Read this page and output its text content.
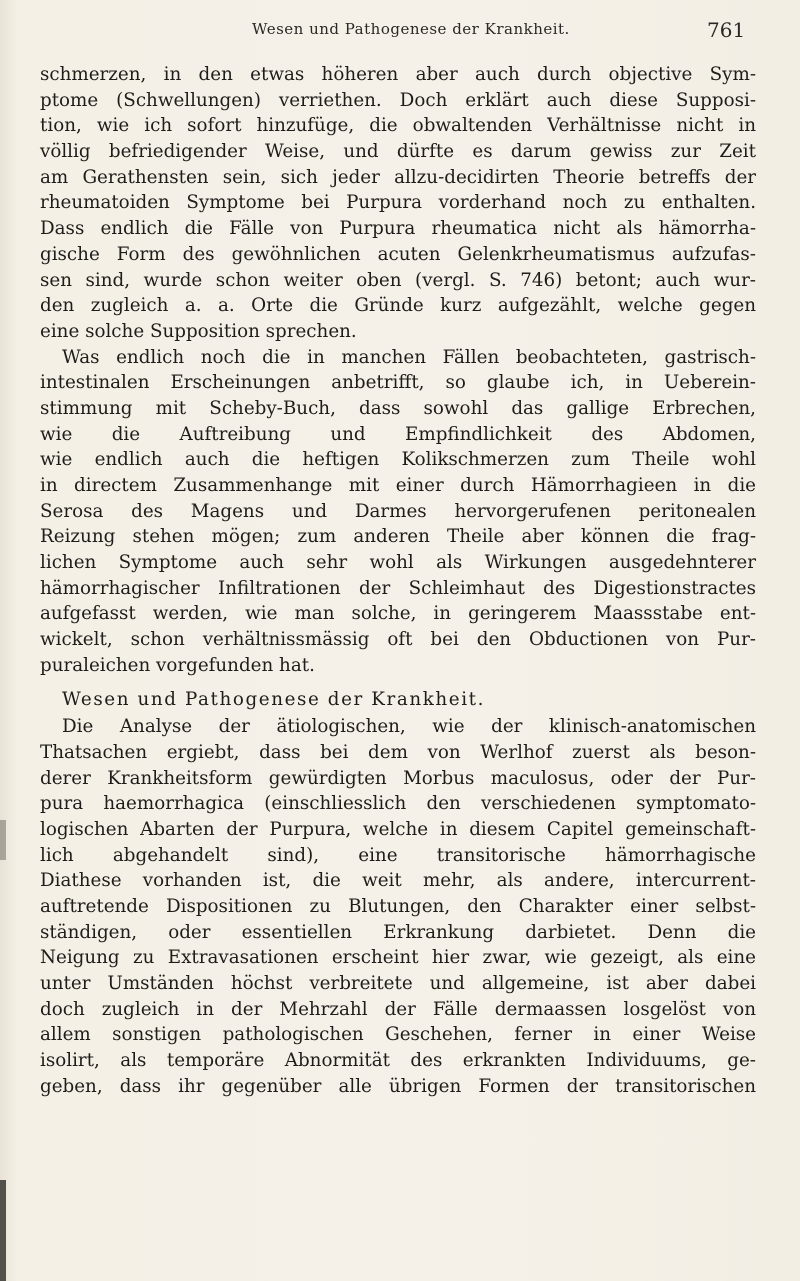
Wesen und Pathogenese der Krankheit.	761
schmerzen, in den etwas höheren aber auch durch objective Sym-
ptome (Schwellungen) verriethen. Doch erklärt auch diese Supposi-
tion, wie ich sofort hinzufüge, die obwaltenden Verhältnisse nicht in
völlig befriedigender Weise, und dürfte es darum gewiss zur Zeit
am Gerathensten sein, sich jeder allzu-decidirten Theorie betreffs der
rheumatoiden Symptome bei Purpura vorderhand noch zu enthalten.
Dass endlich die Fälle von Purpura rheumatica nicht als hämorrha-
gische Form des gewöhnlichen acuten Gelenkrheumatismus aufzufas-
sen sind, wurde schon weiter oben (vergl. S. 746) betont; auch wur-
den zugleich a. a. Orte die Gründe kurz aufgezählt, welche gegen
eine solche Supposition sprechen.
Was endlich noch die in manchen Fällen beobachteten, gastrisch-
intestinalen Erscheinungen anbetrifft, so glaube ich, in Ueberein-
stimmung mit Scheby-Buch, dass sowohl das gallige Erbrechen,
wie die Auftreibung und Empfindlichkeit des Abdomen,
wie endlich auch die heftigen Kolikschmerzen zum Theile wohl
in directem Zusammenhange mit einer durch Hämorrhagieen in die
Serosa des Magens und Darmes hervorgerufenen peritonealen
Reizung stehen mögen; zum anderen Theile aber können die frag-
lichen Symptome auch sehr wohl als Wirkungen ausgedehnterer
hämorrhagischer Infiltrationen der Schleimhaut des Digestionstractes
aufgefasst werden, wie man solche, in geringerem Maassstabe ent-
wickelt, schon verhältnissmässig oft bei den Obductionen von Pur-
puraleichen vorgefunden hat.
Wesen und Pathogenese der Krankheit.
Die Analyse der ätiologischen, wie der klinisch-anatomischen
Thatsachen ergiebt, dass bei dem von Werlhof zuerst als beson-
derer Krankheitsform gewürdigten Morbus maculosus, oder der Pur-
pura haemorrhagica (einschliesslich den verschiedenen symptomato-
logischen Abarten der Purpura, welche in diesem Capitel gemeinschaft-
lich abgehandelt sind), eine transitorische hämorrhagische
Diathese vorhanden ist, die weit mehr, als andere, intercurrent-
auftretende Dispositionen zu Blutungen, den Charakter einer selbst-
ständigen, oder essentiellen Erkrankung darbietet. Denn die
Neigung zu Extravasationen erscheint hier zwar, wie gezeigt, als eine
unter Umständen höchst verbreitete und allgemeine, ist aber dabei
doch zugleich in der Mehrzahl der Fälle dermaassen losgelöst von
allem sonstigen pathologischen Geschehen, ferner in einer Weise
isolirt, als temporäre Abnormität des erkrankten Individuums, ge-
geben, dass ihr gegenüber alle übrigen Formen der transitorischen
